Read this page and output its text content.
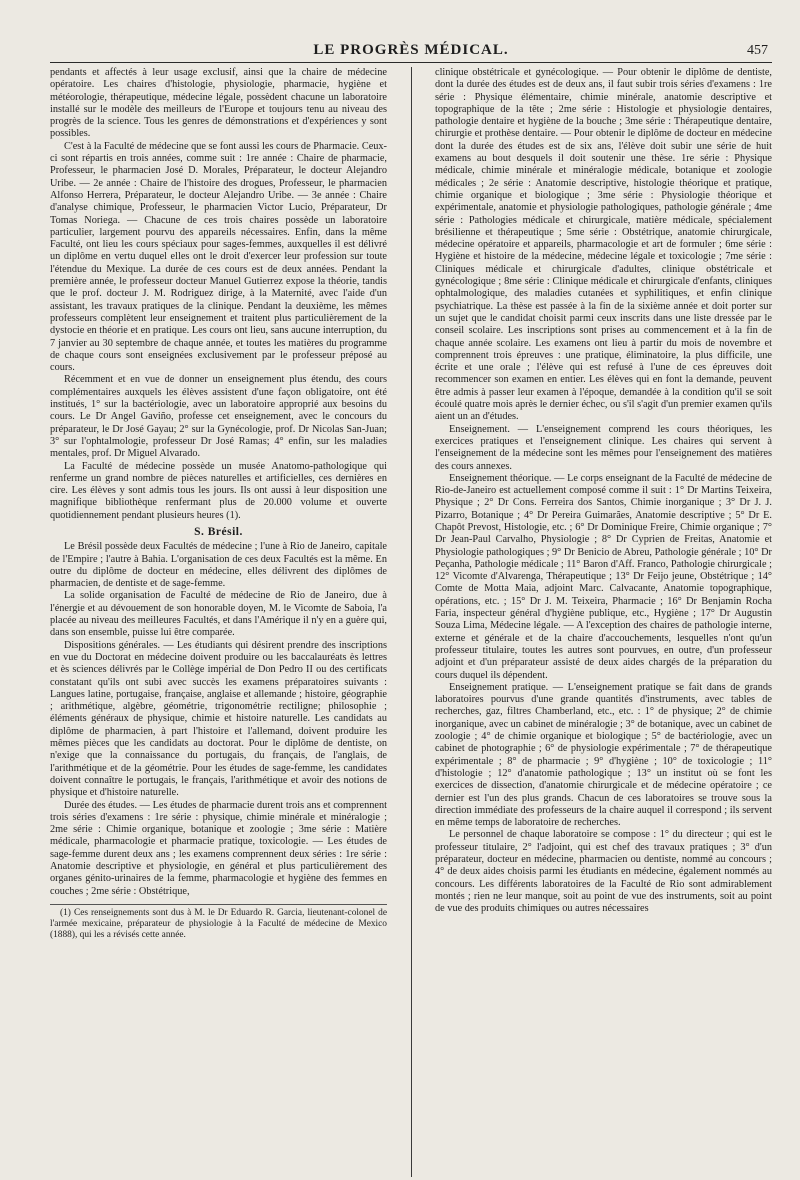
LE PROGRÈS MÉDICAL.	457

pendants et affectés à leur usage exclusif, ainsi que la chaire de médecine opératoire. Les chaires d'histologie, physiologie, pharmacie, hygiène et météorologie, thérapeutique, médecine légale, possèdent chacune un laboratoire installé sur le modèle des meilleurs de l'Europe et toujours tenu au niveau des progrès de la science. Tous les genres de démonstrations et d'expériences y sont possibles.

C'est à la Faculté de médecine que se font aussi les cours de Pharmacie. Ceux-ci sont répartis en trois années, comme suit : 1re année : Chaire de pharmacie, Professeur, le pharmacien José D. Morales, Préparateur, le docteur Alejandro Uribe. — 2e année : Chaire de l'histoire des drogues, Professeur, le pharmacien Alfonso Herrera, Préparateur, le docteur Alejandro Uribe. — 3e année : Chaire d'analyse chimique, Professeur, le pharmacien Victor Lucio, Préparateur, Dr Tomas Noriega. — Chacune de ces trois chaires possède un laboratoire particulier, largement pourvu des appareils nécessaires. Enfin, dans la même Faculté, ont lieu les cours spéciaux pour sages-femmes, auxquelles il est délivré un diplôme en vertu duquel elles ont le droit d'exercer leur profession sur toute l'étendue du Mexique. La durée de ces cours est de deux années. Pendant la première année, le professeur docteur Manuel Gutierrez expose la théorie, tandis que le prof. docteur J. M. Rodriguez dirige, à la Maternité, avec l'aide d'un assistant, les travaux pratiques de la clinique. Pendant la deuxième, les mêmes professeurs complètent leur enseignement et traitent plus particulièrement de la dystocie en théorie et en pratique. Les cours ont lieu, sans aucune interruption, du 7 janvier au 30 septembre de chaque année, et toutes les matières du programme de chaque cours sont enseignées exclusivement par le professeur préposé au cours.

Récemment et en vue de donner un enseignement plus étendu, des cours complémentaires auxquels les élèves assistent d'une façon obligatoire, ont été institués, 1° sur la bactériologie, avec un laboratoire approprié aux besoins du cours. Le Dr Angel Gaviño, professe cet enseignement, avec le concours du préparateur, le Dr José Gayau; 2° sur la Gynécologie, prof. Dr Nicolas San-Juan; 3° sur l'ophtalmologie, professeur Dr José Ramas; 4° enfin, sur les maladies mentales, prof. Dr Miguel Alvarado.

La Faculté de médecine possède un musée Anatomo-pathologique qui renferme un grand nombre de pièces naturelles et artificielles, ces dernières en cire. Les élèves y sont admis tous les jours. Ils ont aussi à leur disposition une magnifique bibliothèque renfermant plus de 20.000 volume et ouverte quotidiennement pendant plusieurs heures (1).

S. Brésil.

Le Brésil possède deux Facultés de médecine ; l'une à Rio de Janeiro, capitale de l'Empire ; l'autre à Bahia. L'organisation de ces deux Facultés est la même. En outre du diplôme de docteur en médecine, elles délivrent des diplômes de pharmacien, de dentiste et de sage-femme.

La solide organisation de Faculté de médecine de Rio de Janeiro, due à l'énergie et au dévouement de son honorable doyen, M. le Vicomte de Saboia, l'a placée au niveau des meilleures Facultés, et dans l'Amérique il n'y en a guère qui, dans son ensemble, puisse lui être comparée.

Dispositions générales. — Les étudiants qui désirent prendre des inscriptions en vue du Doctorat en médecine doivent produire ou les baccalauréats ès lettres et ès sciences délivrés par le Collège impérial de Don Pedro II ou des certificats constatant qu'ils ont subi avec succès les examens préparatoires suivants : Langues latine, portugaise, française, anglaise et allemande ; histoire, géographie ; arithmétique, algèbre, géométrie, trigonométrie rectiligne; philosophie ; éléments généraux de physique, chimie et histoire naturelle. Les candidats au diplôme de pharmacien, à part l'histoire et l'allemand, doivent produire les mêmes pièces que les candidats au doctorat. Pour le diplôme de dentiste, on n'exige que la connaissance du portugais, du français, de l'anglais, de l'arithmétique et de la géométrie. Pour les études de sage-femme, les candidates doivent connaître le portugais, le français, l'arithmétique et avoir des notions de physique et d'histoire naturelle.

Durée des études. — Les études de pharmacie durent trois ans et comprennent trois séries d'examens : 1re série : physique, chimie minérale et minéralogie ; 2me série : Chimie organique, botanique et zoologie ; 3me série : Matière médicale, pharmacologie et pharmacie pratique, toxicologie. — Les études de sage-femme durent deux ans ; les examens comprennent deux séries : 1re série : Anatomie descriptive et physiologie, en général et plus particulièrement des organes génito-urinaires de la femme, pharmacologie et hygiène des femmes en couches ; 2me série : Obstétrique,

(1) Ces renseignements sont dus à M. le Dr Eduardo R. Garcia, lieutenant-colonel de l'armée mexicaine, préparateur de physiologie à la Faculté de médecine de Mexico (1888), qui les a révisés cette année.

clinique obstétricale et gynécologique. — Pour obtenir le diplôme de dentiste, dont la durée des études est de deux ans, il faut subir trois séries d'examens : 1re série : Physique élémentaire, chimie minérale, anatomie descriptive et topographique de la tête ; 2me série : Histologie et physiologie dentaires, pathologie dentaire et hygiène de la bouche ; 3me série : Thérapeutique dentaire, chirurgie et prothèse dentaire. — Pour obtenir le diplôme de docteur en médecine dont la durée des études est de six ans, l'élève doit subir une série de huit examens au bout desquels il doit soutenir une thèse. 1re série : Physique médicale, chimie minérale et minéralogie médicale, botanique et zoologie médicales ; 2e série : Anatomie descriptive, histologie théorique et pratique, chimie organique et biologique ; 3me série : Physiologie théorique et expérimentale, anatomie et physiologie pathologiques, pathologie générale ; 4me série : Pathologies médicale et chirurgicale, matière médicale, spécialement brésilienne et thérapeutique ; 5me série : Obstétrique, anatomie chirurgicale, médecine opératoire et appareils, pharmacologie et art de formuler ; 6me série : Hygiène et histoire de la médecine, médecine légale et toxicologie ; 7me série : Cliniques médicale et chirurgicale d'adultes, clinique obstétricale et gynécologique ; 8me série : Clinique médicale et chirurgicale d'enfants, cliniques ophtalmologique, des maladies cutanées et syphilitiques, et enfin clinique psychiatrique. La thèse est passée à la fin de la sixième année et doit porter sur un sujet que le candidat choisit parmi ceux inscrits dans une liste dressée par le conseil scolaire. Les inscriptions sont prises au commencement et à la fin de chaque année scolaire. Les examens ont lieu à partir du mois de novembre et comprennent trois épreuves : une pratique, éliminatoire, la plus difficile, une écrite et une orale ; l'élève qui est refusé à l'une de ces épreuves doit recommencer son examen en entier. Les élèves qui en font la demande, peuvent être admis à passer leur examen à l'époque, demandée à la condition qu'il se soit écoulé quatre mois après le dernier échec, ou s'il s'agit d'un premier examen qu'ils aient un an d'études.

Enseignement. — L'enseignement comprend les cours théoriques, les exercices pratiques et l'enseignement clinique. Les chaires qui servent à l'enseignement de la médecine sont les mêmes pour l'enseignement des matières des cours annexes.

Enseignement théorique. — Le corps enseignant de la Faculté de médecine de Rio-de-Janeiro est actuellement composé comme il suit : 1° Dr Martins Teixeira, Physique ; 2° Dr Cons. Ferreira dos Santos, Chimie inorganique ; 3° Dr J. J. Pizarro, Botanique ; 4° Dr Pereira Guimarães, Anatomie descriptive ; 5° Dr E. Chapôt Prevost, Histologie, etc. ; 6° Dr Dominique Freire, Chimie organique ; 7° Dr Jean-Paul Carvalho, Physiologie ; 8° Dr Cyprien de Freitas, Anatomie et Physiologie pathologiques ; 9° Dr Benicio de Abreu, Pathologie générale ; 10° Dr Peçanha, Pathologie médicale ; 11° Baron d'Aff. Franco, Pathologie chirurgicale ; 12° Vicomte d'Alvarenga, Thérapeutique ; 13° Dr Feijo jeune, Obstétrique ; 14° Comte de Motta Maia, adjoint Marc. Calvacante, Anatomie topographique, opérations, etc. ; 15° Dr J. M. Teixeira, Pharmacie ; 16° Dr Benjamin Rocha Faria, inspecteur général d'hygiène publique, etc., Hygiène ; 17° Dr Augustin Souza Lima, Médecine légale. — A l'exception des chaires de pathologie interne, externe et générale et de la chaire d'accouchements, lesquelles n'ont qu'un professeur titulaire, toutes les autres sont pourvues, en outre, d'un professeur adjoint et d'un préparateur assisté de deux aides chargés de la préparation du cours duquel ils dépendent.

Enseignement pratique. — L'enseignement pratique se fait dans de grands laboratoires pourvus d'une grande quantités d'instruments, avec tables de recherches, gaz, filtres Chamberland, etc., etc. : 1° de physique; 2° de chimie inorganique, avec un cabinet de minéralogie ; 3° de botanique, avec un cabinet de zoologie ; 4° de chimie organique et biologique ; 5° de bactériologie, avec un cabinet de photographie ; 6° de physiologie expérimentale ; 7° de thérapeutique expérimentale ; 8° de pharmacie ; 9° d'hygiène ; 10° de toxicologie ; 11° d'histologie ; 12° d'anatomie pathologique ; 13° un institut où se font les exercices de dissection, d'anatomie chirurgicale et de médecine opératoire ; ce dernier est l'un des plus grands. Chacun de ces laboratoires se trouve sous la direction immédiate des professeurs de la chaire auquel il correspond ; ils servent en même temps de laboratoire de recherches.

Le personnel de chaque laboratoire se compose : 1° du directeur ; qui est le professeur titulaire, 2° l'adjoint, qui est chef des travaux pratiques ; 3° d'un préparateur, docteur en médecine, pharmacien ou dentiste, nommé au concours ; 4° de deux aides choisis parmi les étudiants en médecine, également nommés au concours. Les différents laboratoires de la Faculté de Rio sont admirablement montés ; rien ne leur manque, soit au point de vue des instruments, soit au point de vue des produits chimiques ou autres nécessaires
